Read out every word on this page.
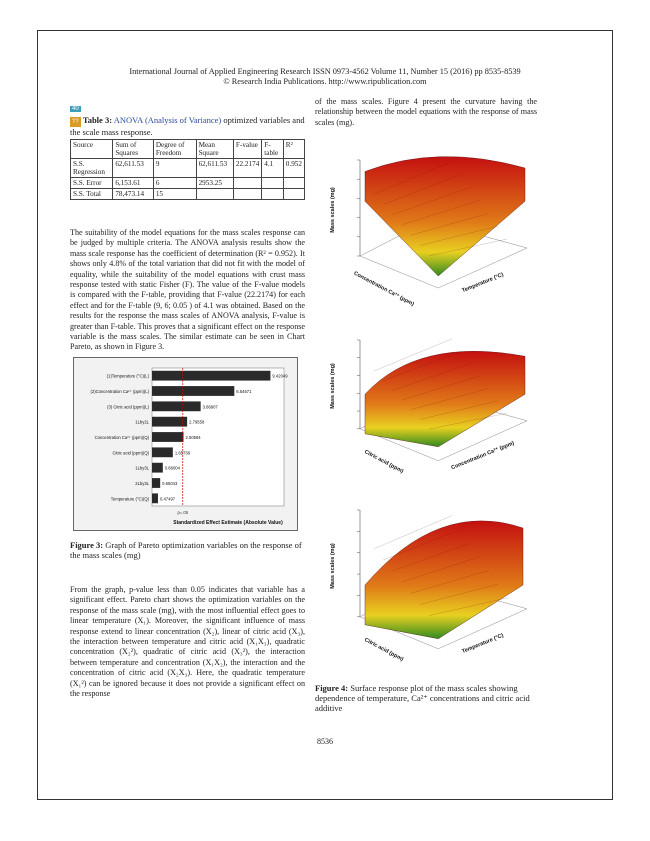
International Journal of Applied Engineering Research ISSN 0973-4562 Volume 11, Number 15 (2016) pp 8535-8539
© Research India Publications. http://www.ripublication.com
40
?? Table 3: ANOVA (Analysis of Variance) optimized variables and the scale mass response.
Source	Sum of Squares	Degree of Freedom	Mean Square	F-value	F-table	R²
S.S. Regression	62,611.53	9	62,611.53	22.2174	4.1	0.952
S.S. Error	6,153.61	6	2953.25			
S.S. Total	78,473.14	15				
The suitability of the model equations for the mass scales response can be judged by multiple criteria. The ANOVA analysis results show the mass scale response has the coefficient of determination (R² = 0.952). It shows only 4.8% of the total variation that did not fit with the model of equality, while the suitability of the model equations with crust mass response tested with static Fisher (F). The value of the F-value models is compared with the F-table, providing that F-value (22.2174) for each effect and for the F-table (9, 6; 0.05 ) of 4.1 was obtained. Based on the results for the response the mass scales of ANOVA analysis, F-value is greater than F-table. This proves that a significant effect on the response variable is the mass scales. The similar estimate can be seen in Chart Pareto, as shown in Figure 3.
(1)Temperature (°C)(L)	9.42049
(2)Concentration Ca²⁺ (ppm)(L)	6.54671
(3) Citric acid (ppm)(L)	3.86907
1Lby2L	2.79558
Concentration Ca²⁺ (ppm)(Q)	2.50594
Citric acid (ppm)(Q)	1.65738
1Lby3L	0.86004
2Lby3L	0.65043
Temperature (°C)(Q)	0.47497
p=.05
Standardized Effect Estimate (Absolute Value)
Figure 3: Graph of Pareto optimization variables on the response of the mass scales (mg)
From the graph, p-value less than 0.05 indicates that variable has a significant effect. Pareto chart shows the optimization variables on the response of the mass scale (mg), with the most influential effect goes to linear temperature (X₁). Moreover, the significant influence of mass response extend to linear concentration (X₂), linear of citric acid (X₃), the interaction between temperature and citric acid (X₁X₃), quadratic concentration (X₂²), quadratic of citric acid (X₃²), the interaction between temperature and concentration (X₁X₂), the interaction and the concentration of citric acid (X₂X₃). Here, the quadratic temperature (X₁²) can be ignored because it does not provide a significant effect on the response
of the mass scales. Figure 4 present the curvature having the relationship between the model equations with the response of mass scales (mg).
Mass scales (mg)
Concentration Ca²⁺ (ppm)	Temperature (°C)
Mass scales (mg)
Citric acid (ppm)	Concentration Ca²⁺ (ppm)
Mass scales (mg)
Citric acid (ppm)	Temperature (°C)
Figure 4: Surface response plot of the mass scales showing dependence of temperature, Ca²⁺ concentrations and citric acid additive
8536
